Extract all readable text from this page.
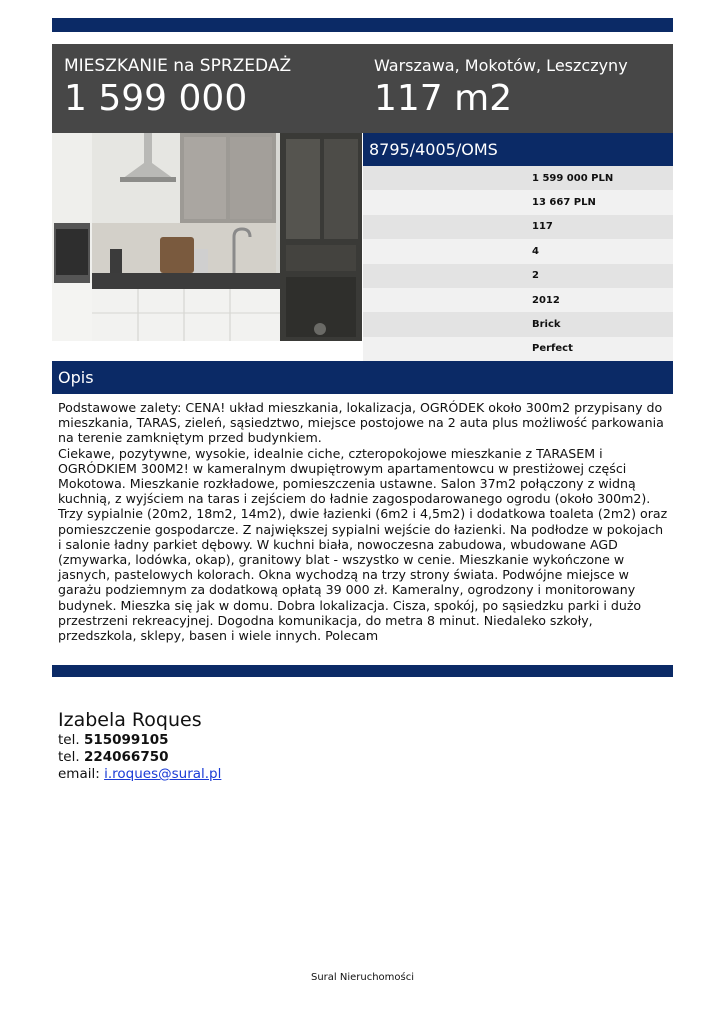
MIESZKANIE na SPRZEDAŻ
1 599 000
Warszawa, Mokotów, Leszczyny
117 m2
8795/4005/OMS
1 599 000 PLN
13 667 PLN
117
4
2
2012
Brick
Perfect
Opis

Podstawowe zalety: CENA! układ mieszkania, lokalizacja, OGRÓDEK około 300m2 przypisany do mieszkania, TARAS, zieleń, sąsiedztwo, miejsce postojowe na 2 auta plus możliwość parkowania na terenie zamkniętym przed budynkiem.

Ciekawe, pozytywne, wysokie, idealnie ciche, czteropokojowe mieszkanie z TARASEM i OGRÓDKIEM 300M2! w kameralnym dwupiętrowym apartamentowcu w prestiżowej części Mokotowa. Mieszkanie rozkładowe, pomieszczenia ustawne. Salon 37m2 połączony z widną kuchnią, z wyjściem na taras i zejściem do ładnie zagospodarowanego ogrodu (około 300m2). Trzy sypialnie (20m2, 18m2, 14m2), dwie łazienki (6m2 i 4,5m2) i dodatkowa toaleta (2m2) oraz pomieszczenie gospodarcze. Z największej sypialni wejście do łazienki. Na podłodze w pokojach i salonie ładny parkiet dębowy. W kuchni biała, nowoczesna zabudowa, wbudowane AGD (zmywarka, lodówka, okap), granitowy blat - wszystko w cenie. Mieszkanie wykończone w jasnych, pastelowych kolorach. Okna wychodzą na trzy strony świata. Podwójne miejsce w garażu podziemnym za dodatkową opłatą 39 000 zł. Kameralny, ogrodzony i monitorowany budynek. Mieszka się jak w domu. Dobra lokalizacja. Cisza, spokój, po sąsiedzku parki i dużo przestrzeni rekreacyjnej. Dogodna komunikacja, do metra 8 minut. Niedaleko szkoły, przedszkola, sklepy, basen i wiele innych. Polecam

Izabela Roques
tel. 515099105
tel. 224066750
email: i.roques@sural.pl
Sural Nieruchomości
